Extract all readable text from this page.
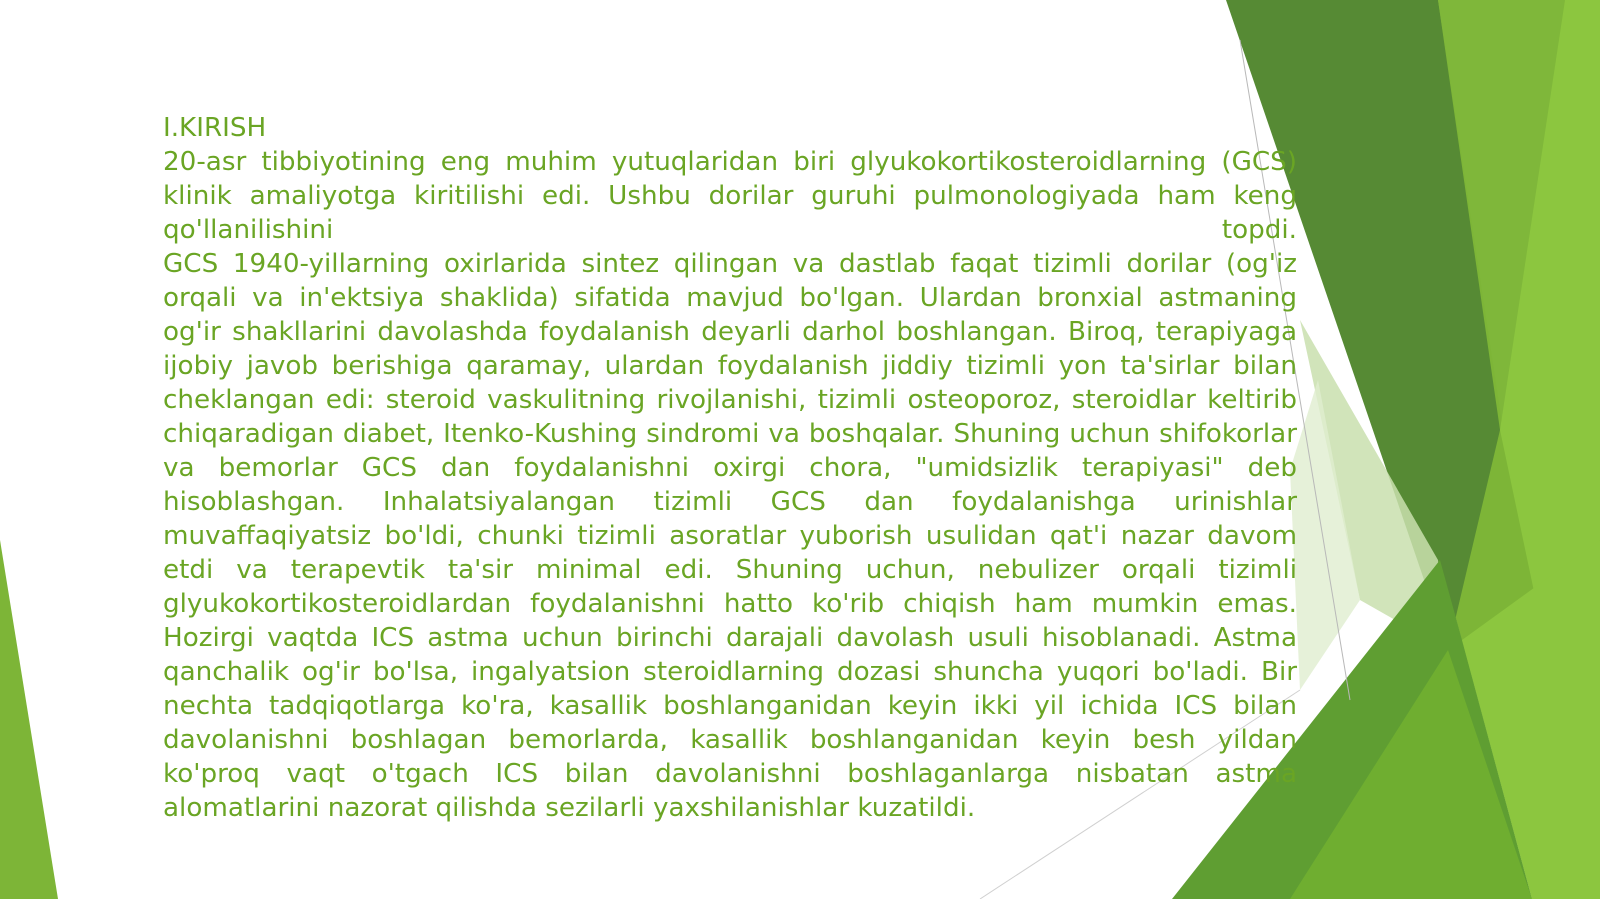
I.KIRISH

20-asr tibbiyotining eng muhim yutuqlaridan biri glyukokortikosteroidlarning (GCS) klinik amaliyotga kiritilishi edi. Ushbu dorilar guruhi pulmonologiyada ham keng qo'llanilishini topdi.

GCS 1940-yillarning oxirlarida sintez qilingan va dastlab faqat tizimli dorilar (og'iz orqali va in'ektsiya shaklida) sifatida mavjud bo'lgan. Ulardan bronxial astmaning og'ir shakllarini davolashda foydalanish deyarli darhol boshlangan. Biroq, terapiyaga ijobiy javob berishiga qaramay, ulardan foydalanish jiddiy tizimli yon ta'sirlar bilan cheklangan edi: steroid vaskulitning rivojlanishi, tizimli osteoporoz, steroidlar keltirib chiqaradigan diabet, Itenko-Kushing sindromi va boshqalar. Shuning uchun shifokorlar va bemorlar GCS dan foydalanishni oxirgi chora, "umidsizlik terapiyasi" deb hisoblashgan. Inhalatsiyalangan tizimli GCS dan foydalanishga urinishlar muvaffaqiyatsiz bo'ldi, chunki tizimli asoratlar yuborish usulidan qat'i nazar davom etdi va terapevtik ta'sir minimal edi. Shuning uchun, nebulizer orqali tizimli glyukokortikosteroidlardan foydalanishni hatto ko'rib chiqish ham mumkin emas. Hozirgi vaqtda ICS astma uchun birinchi darajali davolash usuli hisoblanadi. Astma qanchalik og'ir bo'lsa, ingalyatsion steroidlarning dozasi shuncha yuqori bo'ladi. Bir nechta tadqiqotlarga ko'ra, kasallik boshlanganidan keyin ikki yil ichida ICS bilan davolanishni boshlagan bemorlarda, kasallik boshlanganidan keyin besh yildan ko'proq vaqt o'tgach ICS bilan davolanishni boshlaganlarga nisbatan astma alomatlarini nazorat qilishda sezilarli yaxshilanishlar kuzatildi.
